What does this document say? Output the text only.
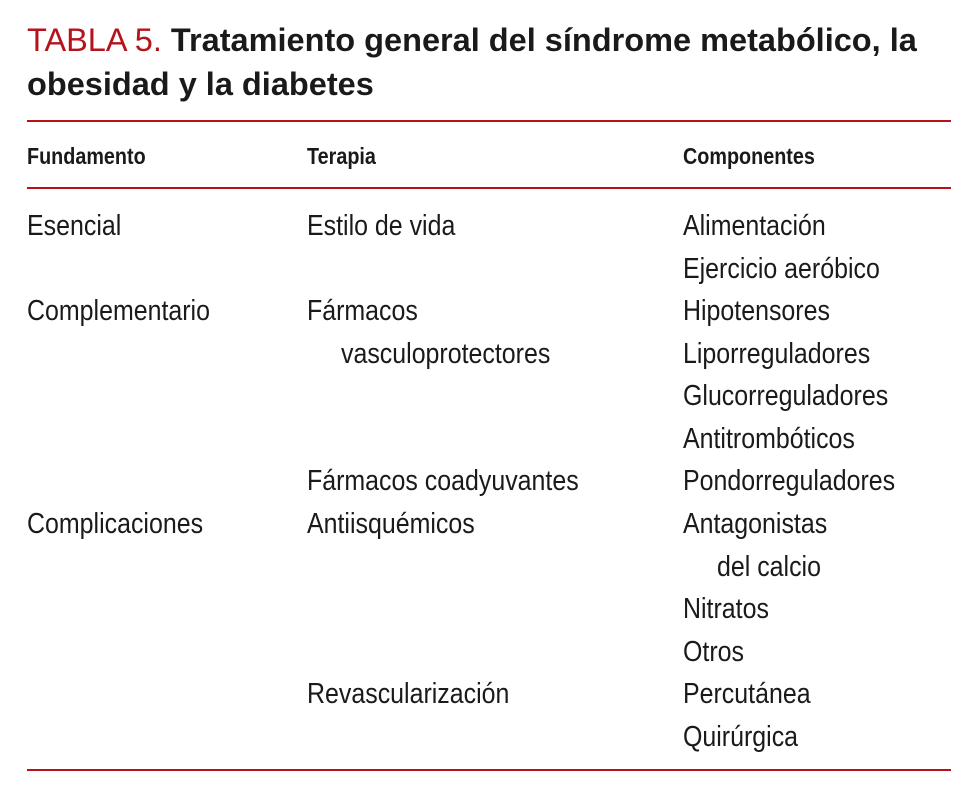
TABLA 5. Tratamiento general del síndrome metabólico, la obesidad y la diabetes
Fundamento	Terapia	Componentes
Esencial
Complementario
Complicaciones
Estilo de vida
Fármacos
vasculoprotectores
Fármacos coadyuvantes
Antiisquémicos
Revascularización
Alimentación
Ejercicio aeróbico
Hipotensores
Liporreguladores
Glucorreguladores
Antitrombóticos
Pondorreguladores
Antagonistas
del calcio
Nitratos
Otros
Percutánea
Quirúrgica
